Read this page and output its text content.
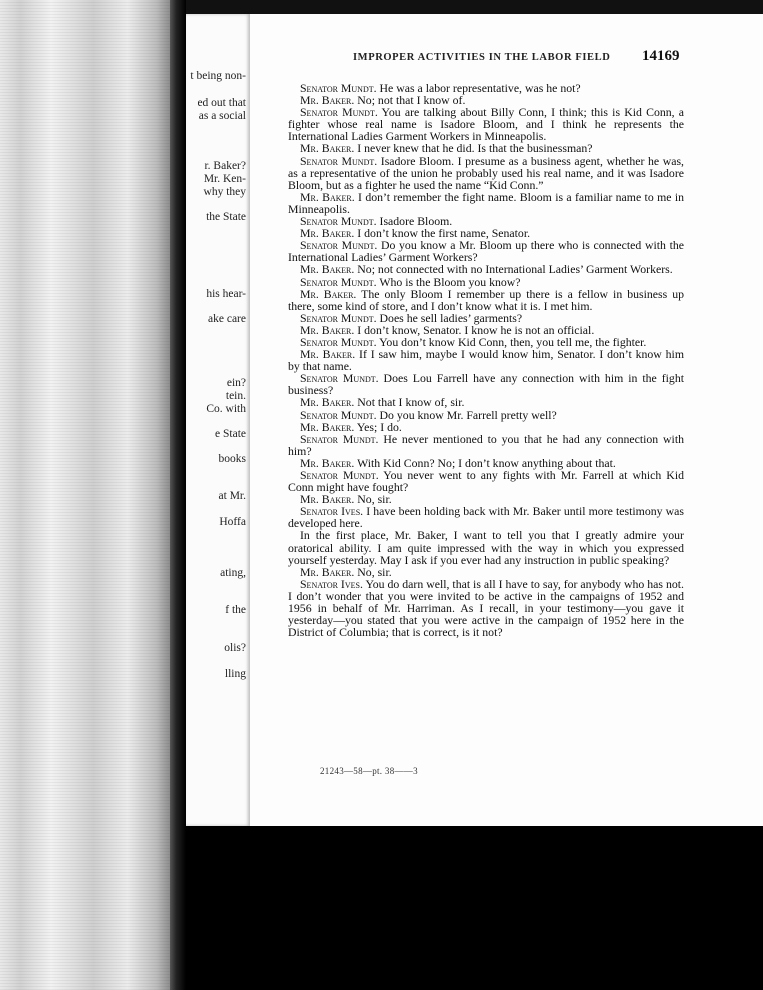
t being non-
ed out that
as a social
r. Baker?
Mr. Ken-
why they
the State
his hear-
ake care
ein?
tein.
Co. with
e State
books
at Mr.
Hoffa
ating,
f the
olis?
lling
IMPROPER ACTIVITIES IN THE LABOR FIELD	14169

Senator Mundt. He was a labor representative, was he not?

Mr. Baker. No; not that I know of.

Senator Mundt. You are talking about Billy Conn, I think; this is Kid Conn, a fighter whose real name is Isadore Bloom, and I think he represents the International Ladies Garment Workers in Minneapolis.

Mr. Baker. I never knew that he did. Is that the businessman?

Senator Mundt. Isadore Bloom. I presume as a business agent, whether he was, as a representative of the union he probably used his real name, and it was Isadore Bloom, but as a fighter he used the name “Kid Conn.”

Mr. Baker. I don’t remember the fight name. Bloom is a familiar name to me in Minneapolis.

Senator Mundt. Isadore Bloom.

Mr. Baker. I don’t know the first name, Senator.

Senator Mundt. Do you know a Mr. Bloom up there who is connected with the International Ladies’ Garment Workers?

Mr. Baker. No; not connected with no International Ladies’ Garment Workers.

Senator Mundt. Who is the Bloom you know?

Mr. Baker. The only Bloom I remember up there is a fellow in business up there, some kind of store, and I don’t know what it is. I met him.

Senator Mundt. Does he sell ladies’ garments?

Mr. Baker. I don’t know, Senator. I know he is not an official.

Senator Mundt. You don’t know Kid Conn, then, you tell me, the fighter.

Mr. Baker. If I saw him, maybe I would know him, Senator. I don’t know him by that name.

Senator Mundt. Does Lou Farrell have any connection with him in the fight business?

Mr. Baker. Not that I know of, sir.

Senator Mundt. Do you know Mr. Farrell pretty well?

Mr. Baker. Yes; I do.

Senator Mundt. He never mentioned to you that he had any connection with him?

Mr. Baker. With Kid Conn? No; I don’t know anything about that.

Senator Mundt. You never went to any fights with Mr. Farrell at which Kid Conn might have fought?

Mr. Baker. No, sir.

Senator Ives. I have been holding back with Mr. Baker until more testimony was developed here.

In the first place, Mr. Baker, I want to tell you that I greatly admire your oratorical ability. I am quite impressed with the way in which you expressed yourself yesterday. May I ask if you ever had any instruction in public speaking?

Mr. Baker. No, sir.

Senator Ives. You do darn well, that is all I have to say, for anybody who has not. I don’t wonder that you were invited to be active in the campaigns of 1952 and 1956 in behalf of Mr. Harriman. As I recall, in your testimony—you gave it yesterday—you stated that you were active in the campaign of 1952 here in the District of Columbia; that is correct, is it not?

21243—58—pt. 38——3
